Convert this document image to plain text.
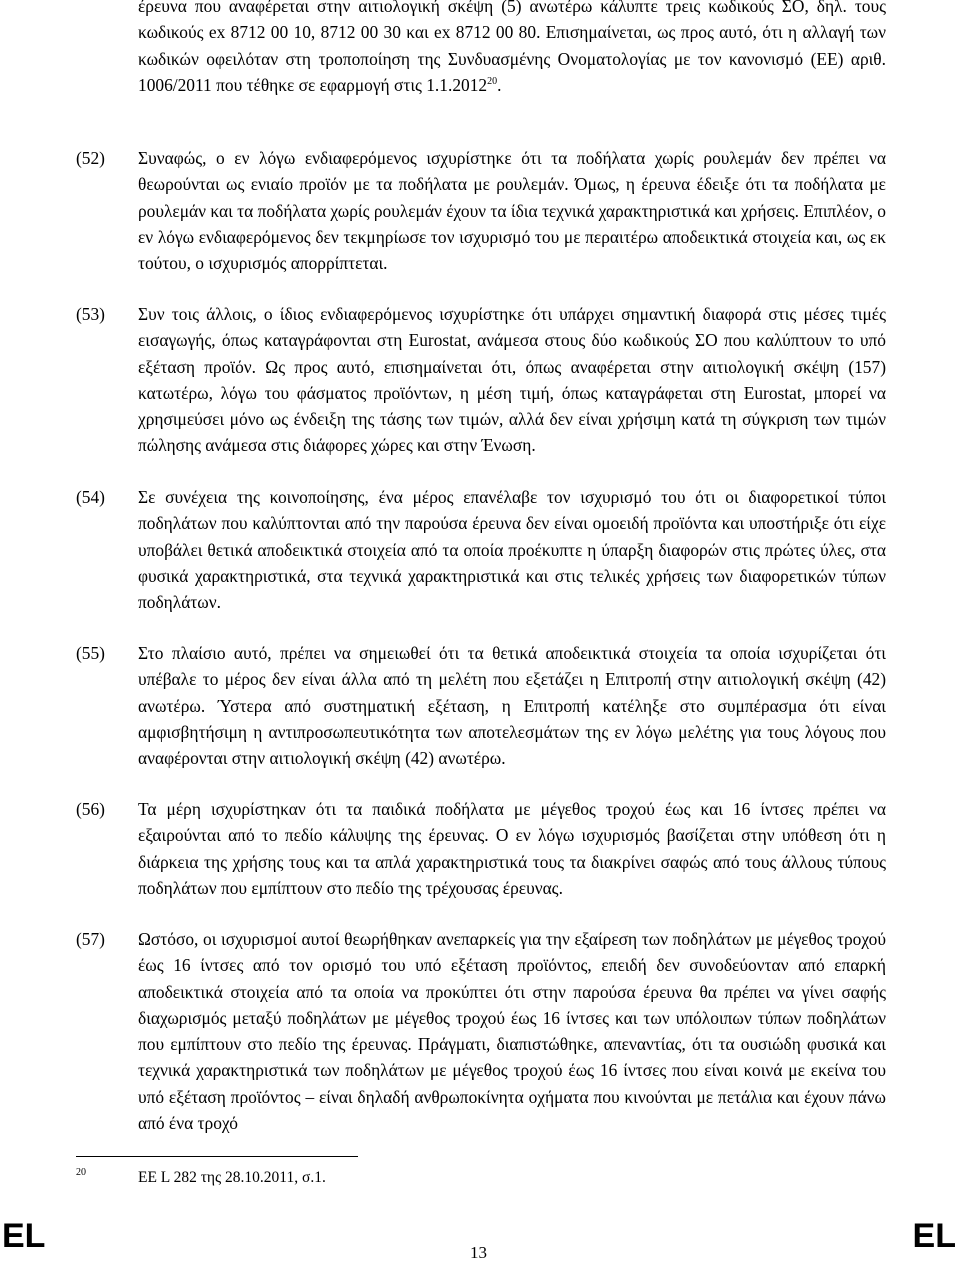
έρευνα που αναφέρεται στην αιτιολογική σκέψη (5) ανωτέρω κάλυπτε τρεις κωδικούς ΣΟ, δηλ. τους κωδικούς ex 8712 00 10, 8712 00 30 και ex 8712 00 80. Επισημαίνεται, ως προς αυτό, ότι η αλλαγή των κωδικών οφειλόταν στη τροποποίηση της Συνδυασμένης Ονοματολογίας με τον κανονισμό (ΕΕ) αριθ. 1006/2011 που τέθηκε σε εφαρμογή στις 1.1.2012$^{20}$.
(52) Συναφώς, ο εν λόγω ενδιαφερόμενος ισχυρίστηκε ότι τα ποδήλατα χωρίς ρουλεμάν δεν πρέπει να θεωρούνται ως ενιαίο προϊόν με τα ποδήλατα με ρουλεμάν. Όμως, η έρευνα έδειξε ότι τα ποδήλατα με ρουλεμάν και τα ποδήλατα χωρίς ρουλεμάν έχουν τα ίδια τεχνικά χαρακτηριστικά και χρήσεις. Επιπλέον, ο εν λόγω ενδιαφερόμενος δεν τεκμηρίωσε τον ισχυρισμό του με περαιτέρω αποδεικτικά στοιχεία και, ως εκ τούτου, ο ισχυρισμός απορρίπτεται.
(53) Συν τοις άλλοις, ο ίδιος ενδιαφερόμενος ισχυρίστηκε ότι υπάρχει σημαντική διαφορά στις μέσες τιμές εισαγωγής, όπως καταγράφονται στη Eurostat, ανάμεσα στους δύο κωδικούς ΣΟ που καλύπτουν το υπό εξέταση προϊόν. Ως προς αυτό, επισημαίνεται ότι, όπως αναφέρεται στην αιτιολογική σκέψη (157) κατωτέρω, λόγω του φάσματος προϊόντων, η μέση τιμή, όπως καταγράφεται στη Eurostat, μπορεί να χρησιμεύσει μόνο ως ένδειξη της τάσης των τιμών, αλλά δεν είναι χρήσιμη κατά τη σύγκριση των τιμών πώλησης ανάμεσα στις διάφορες χώρες και στην Ένωση.
(54) Σε συνέχεια της κοινοποίησης, ένα μέρος επανέλαβε τον ισχυρισμό του ότι οι διαφορετικοί τύποι ποδηλάτων που καλύπτονται από την παρούσα έρευνα δεν είναι ομοειδή προϊόντα και υποστήριξε ότι είχε υποβάλει θετικά αποδεικτικά στοιχεία από τα οποία προέκυπτε η ύπαρξη διαφορών στις πρώτες ύλες, στα φυσικά χαρακτηριστικά, στα τεχνικά χαρακτηριστικά και στις τελικές χρήσεις των διαφορετικών τύπων ποδηλάτων.
(55) Στο πλαίσιο αυτό, πρέπει να σημειωθεί ότι τα θετικά αποδεικτικά στοιχεία τα οποία ισχυρίζεται ότι υπέβαλε το μέρος δεν είναι άλλα από τη μελέτη που εξετάζει η Επιτροπή στην αιτιολογική σκέψη (42) ανωτέρω. Ύστερα από συστηματική εξέταση, η Επιτροπή κατέληξε στο συμπέρασμα ότι είναι αμφισβητήσιμη η αντιπροσωπευτικότητα των αποτελεσμάτων της εν λόγω μελέτης για τους λόγους που αναφέρονται στην αιτιολογική σκέψη (42) ανωτέρω.
(56) Τα μέρη ισχυρίστηκαν ότι τα παιδικά ποδήλατα με μέγεθος τροχού έως και 16 ίντσες πρέπει να εξαιρούνται από το πεδίο κάλυψης της έρευνας. Ο εν λόγω ισχυρισμός βασίζεται στην υπόθεση ότι η διάρκεια της χρήσης τους και τα απλά χαρακτηριστικά τους τα διακρίνει σαφώς από τους άλλους τύπους ποδηλάτων που εμπίπτουν στο πεδίο της τρέχουσας έρευνας.
(57) Ωστόσο, οι ισχυρισμοί αυτοί θεωρήθηκαν ανεπαρκείς για την εξαίρεση των ποδηλάτων με μέγεθος τροχού έως 16 ίντσες από τον ορισμό του υπό εξέταση προϊόντος, επειδή δεν συνοδεύονταν από επαρκή αποδεικτικά στοιχεία από τα οποία να προκύπτει ότι στην παρούσα έρευνα θα πρέπει να γίνει σαφής διαχωρισμός μεταξύ ποδηλάτων με μέγεθος τροχού έως 16 ίντσες και των υπόλοιπων τύπων ποδηλάτων που εμπίπτουν στο πεδίο της έρευνας. Πράγματι, διαπιστώθηκε, απεναντίας, ότι τα ουσιώδη φυσικά και τεχνικά χαρακτηριστικά των ποδηλάτων με μέγεθος τροχού έως 16 ίντσες που είναι κοινά με εκείνα του υπό εξέταση προϊόντος – είναι δηλαδή ανθρωποκίνητα οχήματα που κινούνται με πετάλια και έχουν πάνω από ένα τροχό
20	ΕΕ L 282 της 28.10.2011, σ.1.
EL	13	EL
